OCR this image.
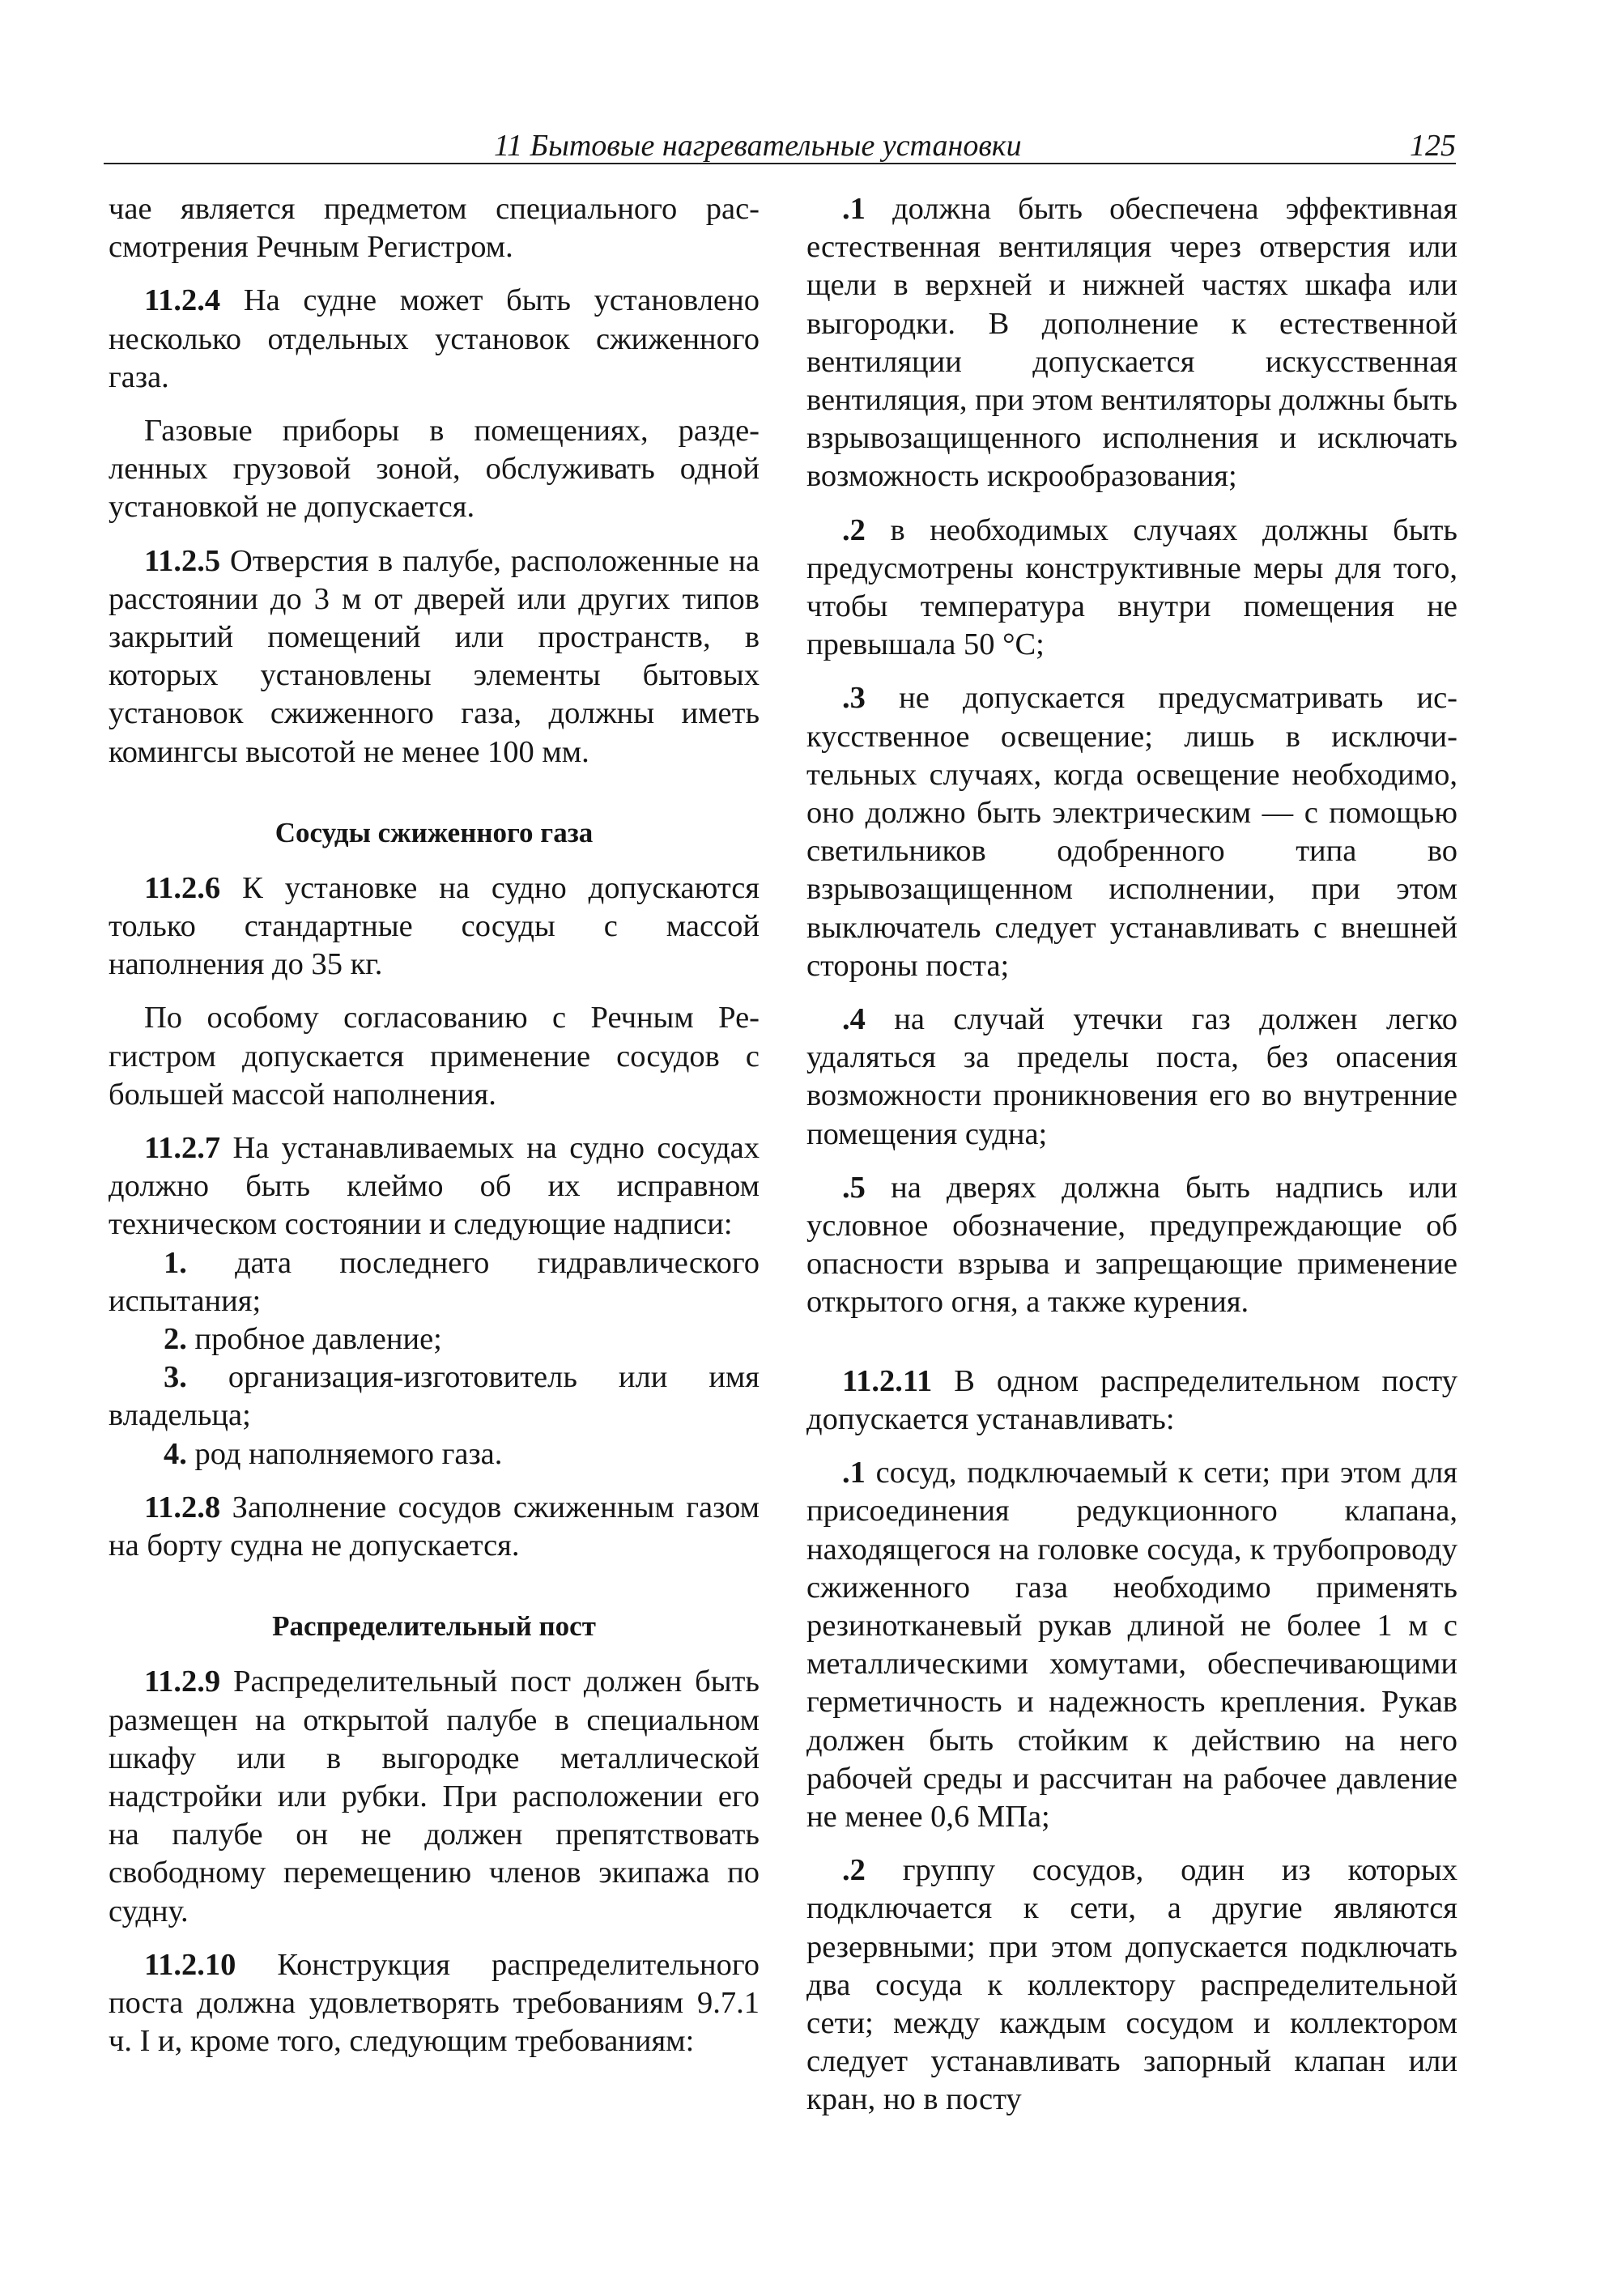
11 Бытовые нагревательные установки	125

чае является предметом специального рассмотрения Речным Регистром.

11.2.4 На судне может быть установлено несколько отдельных установок сжиженного газа.

Газовые приборы в помещениях, разделенных грузовой зоной, обслуживать одной установкой не допускается.

11.2.5 Отверстия в палубе, расположенные на расстоянии до 3 м от дверей или других типов закрытий помещений или пространств, в которых установлены элементы бытовых установок сжиженного газа, должны иметь комингсы высотой не менее 100 мм.

Сосуды сжиженного газа

11.2.6 К установке на судно допускаются только стандартные сосуды с массой наполнения до 35 кг.

По особому согласованию с Речным Регистром допускается применение сосудов с большей массой наполнения.

11.2.7 На устанавливаемых на судно сосудах должно быть клеймо об их исправном техническом состоянии и следующие надписи:

1. дата последнего гидравлического испытания;

2. пробное давление;

3. организация-изготовитель или имя владельца;

4. род наполняемого газа.

11.2.8 Заполнение сосудов сжиженным газом на борту судна не допускается.

Распределительный пост

11.2.9 Распределительный пост должен быть размещен на открытой палубе в специальном шкафу или в выгородке металлической надстройки или рубки. При расположении его на палубе он не должен препятствовать свободному перемещению членов экипажа по судну.

11.2.10 Конструкция распределительного поста должна удовлетворять требованиям 9.7.1 ч. I и, кроме того, следующим требованиям:

.1 должна быть обеспечена эффективная естественная вентиляция через отверстия или щели в верхней и нижней частях шкафа или выгородки. В дополнение к естественной вентиляции допускается искусственная вентиляция, при этом вентиляторы должны быть взрывозащищенного исполнения и исключать возможность искрообразования;

.2 в необходимых случаях должны быть предусмотрены конструктивные меры для того, чтобы температура внутри помещения не превышала 50 °С;

.3 не допускается предусматривать искусственное освещение; лишь в исключительных случаях, когда освещение необходимо, оно должно быть электрическим — с помощью светильников одобренного типа во взрывозащищенном исполнении, при этом выключатель следует устанавливать с внешней стороны поста;

.4 на случай утечки газ должен легко удаляться за пределы поста, без опасения возможности проникновения его во внутренние помещения судна;

.5 на дверях должна быть надпись или условное обозначение, предупреждающие об опасности взрыва и запрещающие применение открытого огня, а также курения.

11.2.11 В одном распределительном посту допускается устанавливать:

.1 сосуд, подключаемый к сети; при этом для присоединения редукционного клапана, находящегося на головке сосуда, к трубопроводу сжиженного газа необходимо применять резинотканевый рукав длиной не более 1 м с металлическими хомутами, обеспечивающими герметичность и надежность крепления. Рукав должен быть стойким к действию на него рабочей среды и рассчитан на рабочее давление не менее 0,6 МПа;

.2 группу сосудов, один из которых подключается к сети, а другие являются резервными; при этом допускается подключать два сосуда к коллектору распределительной сети; между каждым сосудом и коллектором следует устанавливать запорный клапан или кран, но в посту
